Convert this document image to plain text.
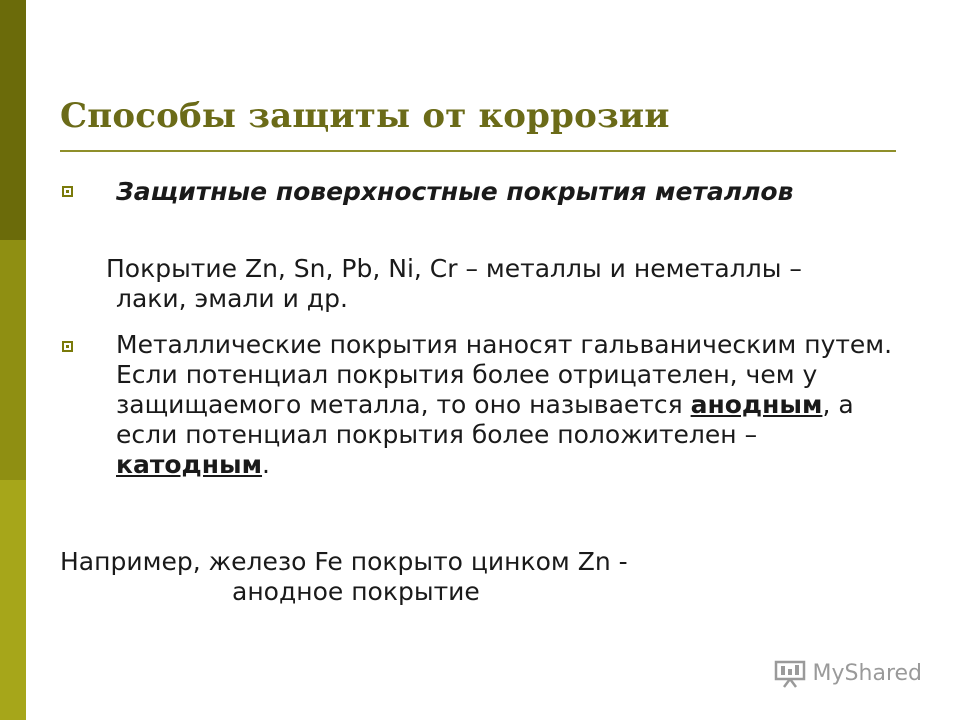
Способы защиты от коррозии

Защитные поверхностные покрытия металлов

Покрытие Zn, Sn, Pb, Ni, Cr – металлы и неметаллы – лаки, эмали и др.

Металлические покрытия наносят гальваническим путем. Если потенциал покрытия более отрицателен, чем у защищаемого металла, то оно называется анодным, а если потенциал покрытия более положителен – катодным.

Например, железо Fe покрыто цинком Zn -
анодное покрытие

MyShared
